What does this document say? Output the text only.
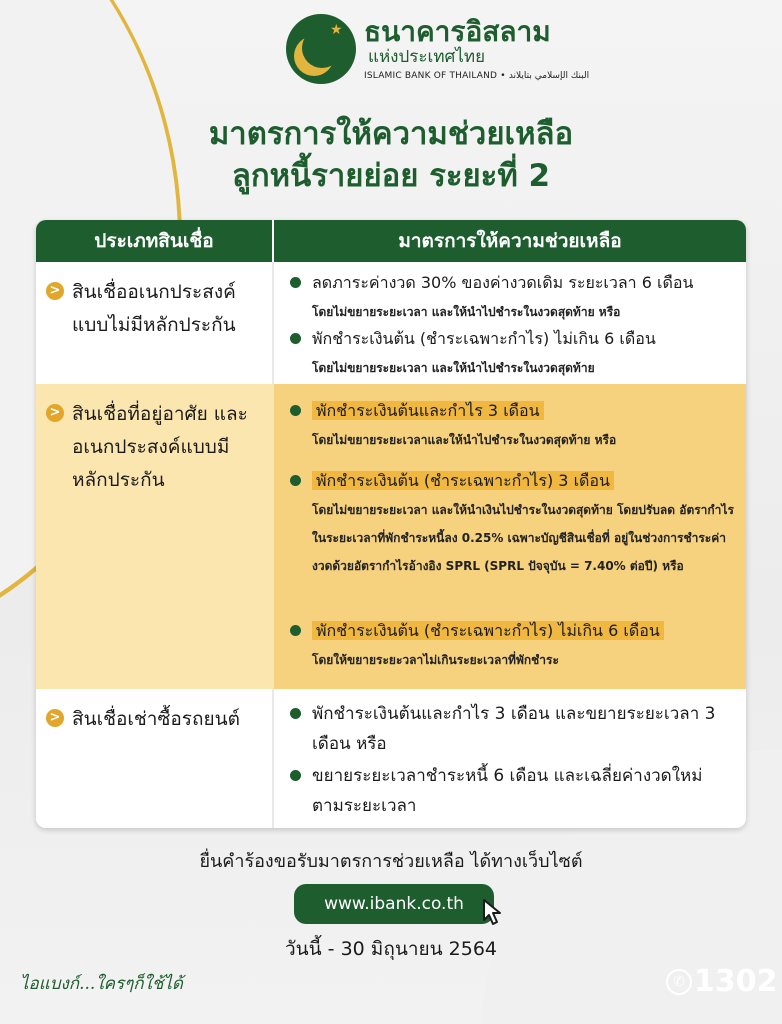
★ ธนาคารอิสลาม
แห่งประเทศไทย
ISLAMIC BANK OF THAILAND • البنك الإسلامي بتايلاند
มาตรการให้ความช่วยเหลือ
ลูกหนี้รายย่อย ระยะที่ 2
ประเภทสินเชื่อ	มาตรการให้ความช่วยเหลือ
> สินเชื่ออเนกประสงค์ แบบไม่มีหลักประกัน
ลดภาระค่างวด 30% ของค่างวดเดิม ระยะเวลา 6 เดือน
โดยไม่ขยายระยะเวลา และให้นำไปชำระในงวดสุดท้าย หรือ
พักชำระเงินต้น (ชำระเฉพาะกำไร) ไม่เกิน 6 เดือน
โดยไม่ขยายระยะเวลา และให้นำไปชำระในงวดสุดท้าย
> สินเชื่อที่อยู่อาศัย และ อเนกประสงค์แบบมี หลักประกัน
พักชำระเงินต้นและกำไร 3 เดือน
โดยไม่ขยายระยะเวลาและให้นำไปชำระในงวดสุดท้าย หรือ
พักชำระเงินต้น (ชำระเฉพาะกำไร) 3 เดือน
โดยไม่ขยายระยะเวลา และให้นำเงินไปชำระในงวดสุดท้าย โดยปรับลด อัตรากำไรในระยะเวลาที่พักชำระหนี้ลง 0.25% เฉพาะบัญชีสินเชื่อที่ อยู่ในช่วงการชำระค่างวดด้วยอัตรากำไรอ้างอิง SPRL (SPRL ปัจจุบัน = 7.40% ต่อปี) หรือ
พักชำระเงินต้น (ชำระเฉพาะกำไร) ไม่เกิน 6 เดือน
โดยให้ขยายระยะวลาไม่เกินระยะเวลาที่พักชำระ
> สินเชื่อเช่าซื้อรถยนต์	พักชำระเงินต้นและกำไร 3 เดือน และขยายระยะเวลา 3 เดือน หรือ
ขยายระยะเวลาชำระหนี้ 6 เดือน และเฉลี่ยค่างวดใหม่ ตามระยะเวลา
ยื่นคำร้องขอรับมาตรการช่วยเหลือ ได้ทางเว็บไซต์
www.ibank.co.th
วันนี้ - 30 มิถุนายน 2564
ไอแบงก์...ใครๆก็ใช้ได้	✆ 1302
